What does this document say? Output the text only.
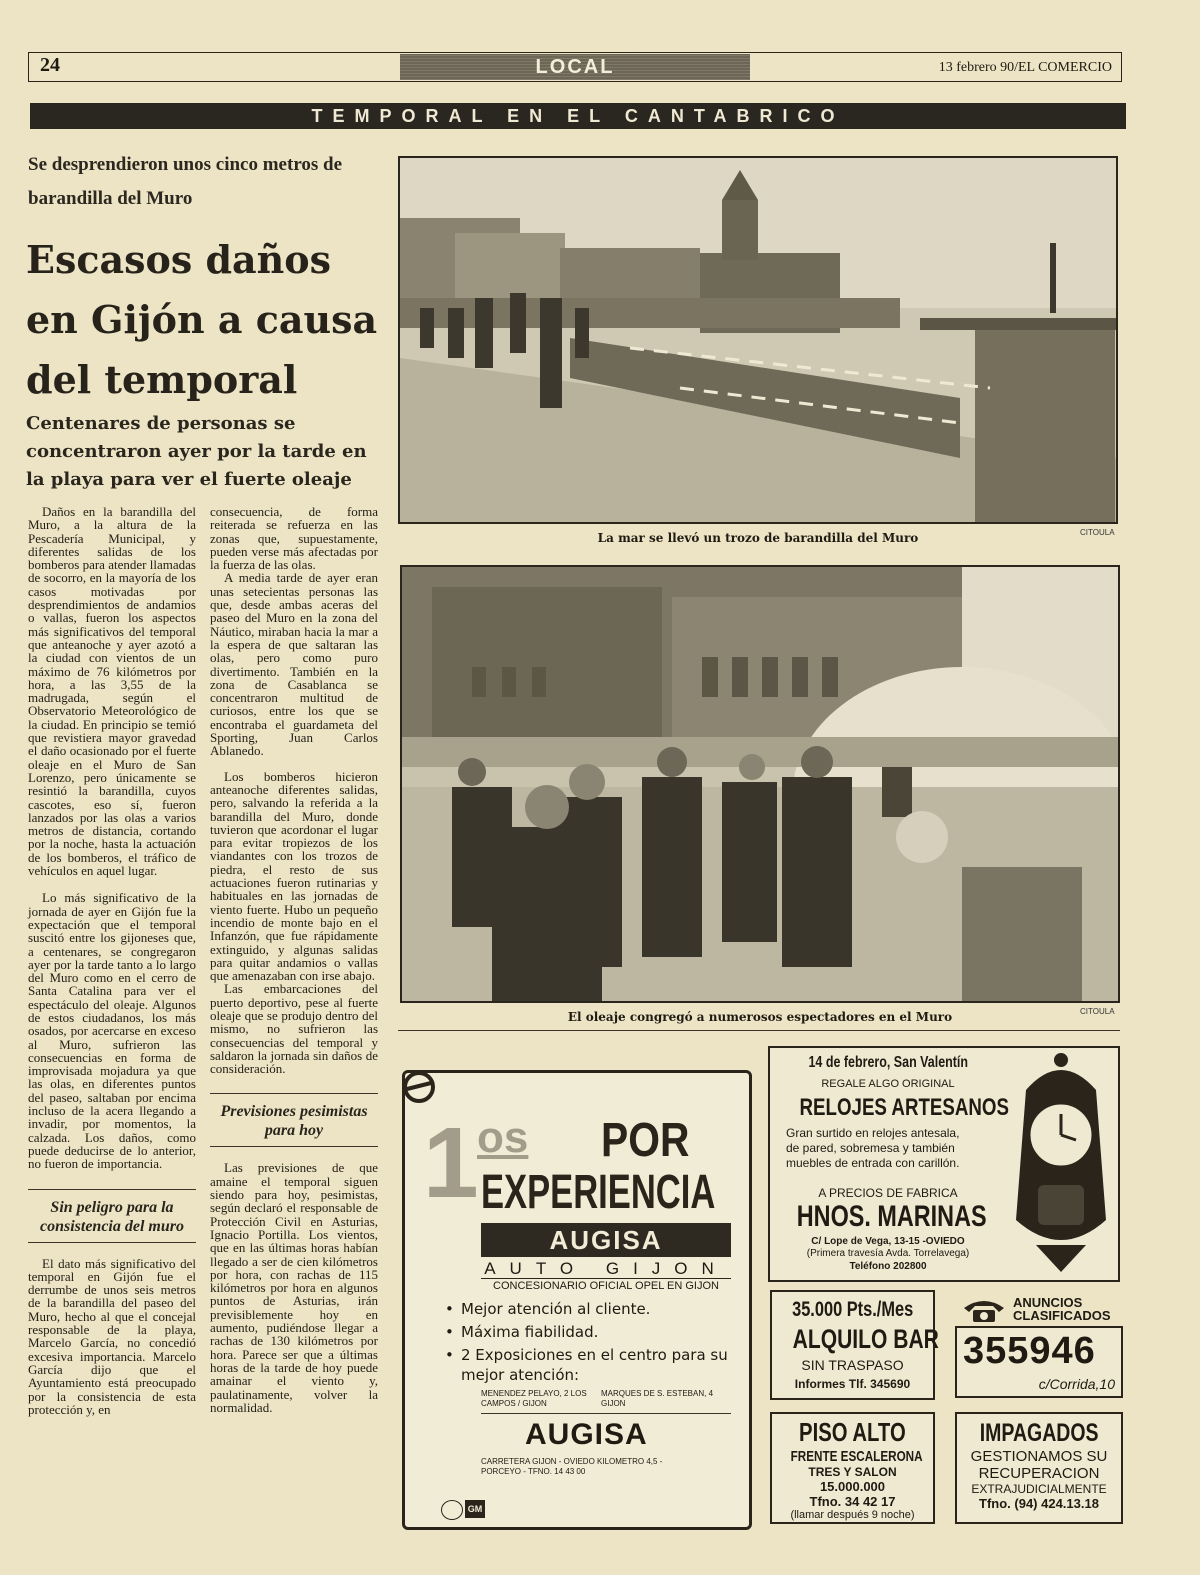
24	LOCAL	13 febrero 90/EL COMERCIO
TEMPORAL EN EL CANTABRICO
Se desprendieron unos cinco metros de barandilla del Muro
Escasos daños en Gijón a causa del temporal
Centenares de personas se concentraron ayer por la tarde en la playa para ver el fuerte oleaje

Daños en la barandilla del Muro, a la altura de la Pescadería Municipal, y diferentes salidas de los bomberos para atender llamadas de socorro, en la mayoría de los casos motivadas por desprendimientos de andamios o vallas, fueron los aspectos más significativos del temporal que anteanoche y ayer azotó a la ciudad con vientos de un máximo de 76 kilómetros por hora, a las 3,55 de la madrugada, según el Observatorio Meteorológico de la ciudad. En principio se temió que revistiera mayor gravedad el daño ocasionado por el fuerte oleaje en el Muro de San Lorenzo, pero únicamente se resintió la barandilla, cuyos cascotes, eso sí, fueron lanzados por las olas a varios metros de distancia, cortando por la noche, hasta la actuación de los bomberos, el tráfico de vehículos en aquel lugar.

Lo más significativo de la jornada de ayer en Gijón fue la expectación que el temporal suscitó entre los gijoneses que, a centenares, se congregaron ayer por la tarde tanto a lo largo del Muro como en el cerro de Santa Catalina para ver el espectáculo del oleaje. Algunos de estos ciudadanos, los más osados, por acercarse en exceso al Muro, sufrieron las consecuencias en forma de improvisada mojadura ya que las olas, en diferentes puntos del paseo, saltaban por encima incluso de la acera llegando a invadir, por momentos, la calzada. Los daños, como puede deducirse de lo anterior, no fueron de importancia.

Sin peligro para la consistencia del muro

El dato más significativo del temporal en Gijón fue el derrumbe de unos seis metros de la barandilla del paseo del Muro, hecho al que el concejal responsable de la playa, Marcelo García, no concedió excesiva importancia. Marcelo García dijo que el Ayuntamiento está preocupado por la consistencia de esta protección y, en

consecuencia, de forma reiterada se refuerza en las zonas que, supuestamente, pueden verse más afectadas por la fuerza de las olas.

A media tarde de ayer eran unas setecientas personas las que, desde ambas aceras del paseo del Muro en la zona del Náutico, miraban hacia la mar a la espera de que saltaran las olas, pero como puro divertimento. También en la zona de Casablanca se concentraron multitud de curiosos, entre los que se encontraba el guardameta del Sporting, Juan Carlos Ablanedo.

Los bomberos hicieron anteanoche diferentes salidas, pero, salvando la referida a la barandilla del Muro, donde tuvieron que acordonar el lugar para evitar tropiezos de los viandantes con los trozos de piedra, el resto de sus actuaciones fueron rutinarias y habituales en las jornadas de viento fuerte. Hubo un pequeño incendio de monte bajo en el Infanzón, que fue rápidamente extinguido, y algunas salidas para quitar andamios o vallas que amenazaban con irse abajo.

Las embarcaciones del puerto deportivo, pese al fuerte oleaje que se produjo dentro del mismo, no sufrieron las consecuencias del temporal y saldaron la jornada sin daños de consideración.

Previsiones pesimistas para hoy

Las previsiones de que amaine el temporal siguen siendo para hoy, pesimistas, según declaró el responsable de Protección Civil en Asturias, Ignacio Portilla. Los vientos, que en las últimas horas habían llegado a ser de cien kilómetros por hora, con rachas de 115 kilómetros por hora en algunos puntos de Asturias, irán previsiblemente hoy en aumento, pudiéndose llegar a rachas de 130 kilómetros por hora. Parece ser que a últimas horas de la tarde de hoy puede amainar el viento y, paulatinamente, volver la normalidad.

La mar se llevó un trozo de barandilla del Muro	CITOULA
El oleaje congregó a numerosos espectadores en el Muro	CITOULA
1
os POR
EXPERIENCIA
AUGISA
AUTO GIJON
CONCESIONARIO OFICIAL OPEL EN GIJON
• Mejor atención al cliente.
• Máxima fiabilidad.
• 2 Exposiciones en el centro para su mejor atención:
MENENDEZ PELAYO, 2 LOS CAMPOS / GIJON
MARQUES DE S. ESTEBAN, 4 GIJON
AUGISA
CARRETERA GIJON - OVIEDO KILOMETRO 4,5 - PORCEYO - TFNO. 14 43 00
GM
14 de febrero, San Valentín
REGALE ALGO ORIGINAL
RELOJES ARTESANOS
Gran surtido en relojes antesala, de pared, sobremesa y también muebles de entrada con carillón.
A PRECIOS DE FABRICA
HNOS. MARINAS
C/ Lope de Vega, 13-15 -OVIEDO
(Primera travesía Avda. Torrelavega)
Teléfono 202800
35.000 Pts./Mes
ALQUILO BAR
SIN TRASPASO
Informes Tlf. 345690
ANUNCIOS CLASIFICADOS
355946
c/Corrida,10
PISO ALTO
FRENTE ESCALERONA
TRES Y SALON
15.000.000
Tfno. 34 42 17
(llamar después 9 noche)
IMPAGADOS
GESTIONAMOS SU
RECUPERACION
EXTRAJUDICIALMENTE
Tfno. (94) 424.13.18
